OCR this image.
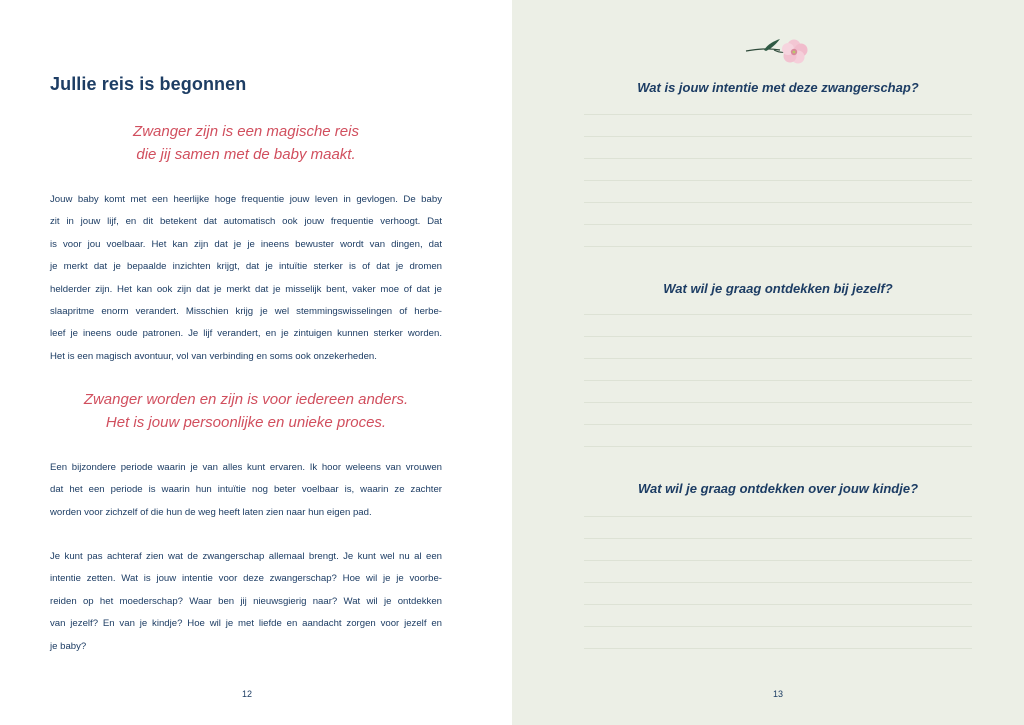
Jullie reis is begonnen

Zwanger zijn is een magische reis
die jij samen met de baby maakt.

Jouw baby komt met een heerlijke hoge frequentie jouw leven in gevlogen. De baby
zit in jouw lijf, en dit betekent dat automatisch ook jouw frequentie verhoogt. Dat
is voor jou voelbaar. Het kan zijn dat je je ineens bewuster wordt van dingen, dat
je merkt dat je bepaalde inzichten krijgt, dat je intuïtie sterker is of dat je dromen
helderder zijn. Het kan ook zijn dat je merkt dat je misselijk bent, vaker moe of dat je
slaapritme enorm verandert. Misschien krijg je wel stemmingswisselingen of herbe-
leef je ineens oude patronen. Je lijf verandert, en je zintuigen kunnen sterker worden.
Het is een magisch avontuur, vol van verbinding en soms ook onzekerheden.

Zwanger worden en zijn is voor iedereen anders.
Het is jouw persoonlijke en unieke proces.

Een bijzondere periode waarin je van alles kunt ervaren. Ik hoor weleens van vrouwen
dat het een periode is waarin hun intuïtie nog beter voelbaar is, waarin ze zachter
worden voor zichzelf of die hun de weg heeft laten zien naar hun eigen pad.

Je kunt pas achteraf zien wat de zwangerschap allemaal brengt. Je kunt wel nu al een
intentie zetten. Wat is jouw intentie voor deze zwangerschap? Hoe wil je je voorbe-
reiden op het moederschap? Waar ben jij nieuwsgierig naar? Wat wil je ontdekken
van jezelf? En van je kindje? Hoe wil je met liefde en aandacht zorgen voor jezelf en
je baby?

12
Wat is jouw intentie met deze zwangerschap?
Wat wil je graag ontdekken bij jezelf?
Wat wil je graag ontdekken over jouw kindje?
13
